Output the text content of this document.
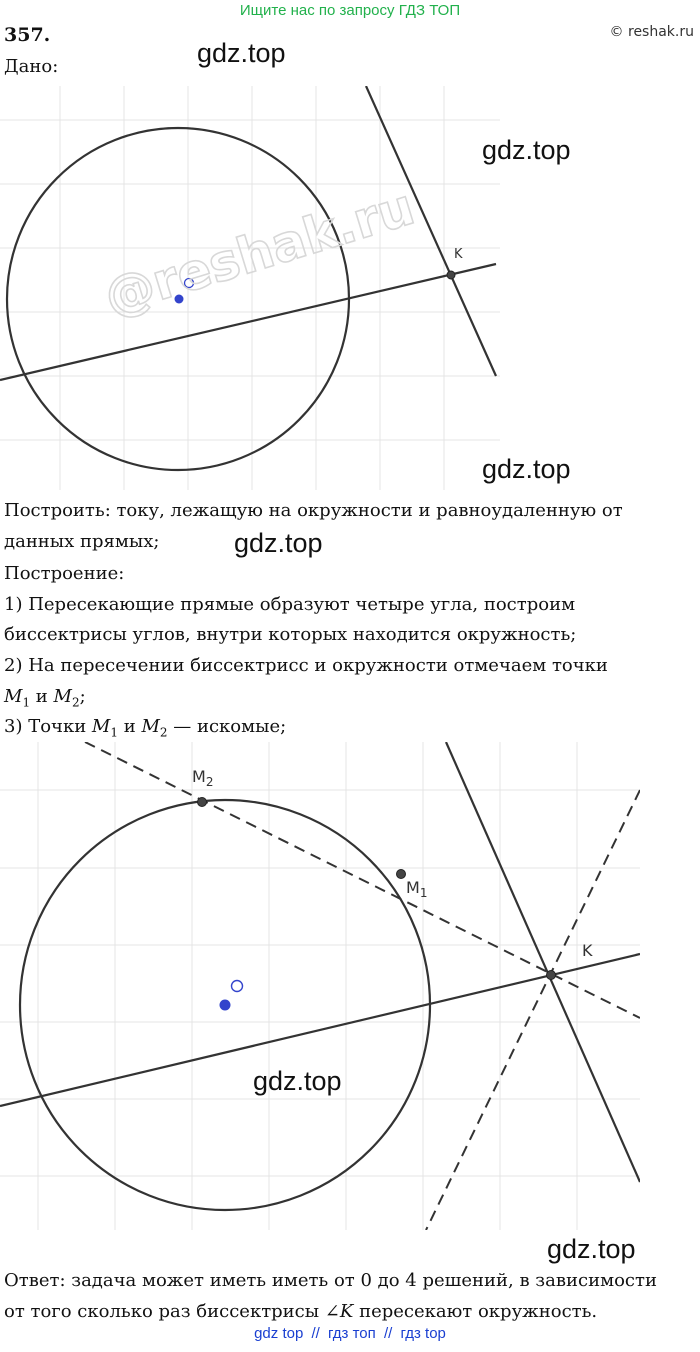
Ищите нас по запросу ГДЗ ТОП
357.	© reshak.ru
Дано:
K
@reshak.ru
gdz.top
gdz.top
gdz.top
Построить: току, лежащую на окружности и равноудаленную от
данных прямых;	gdz.top
Построение:
1) Пересекающие прямые образуют четыре угла, построим
биссектрисы углов, внутри которых находится окружность;
2) На пересечении биссектрисс и окружности отмечаем точки
$M_1$ и $M_2$;
3) Точки $M_1$ и $M_2$ — искомые;
$M_2$
$M_1$
K
gdz.top
gdz.top
Ответ: задача может иметь иметь от 0 до 4 решений, в зависимости
от того сколько раз биссектрисы ∠K пересекают окружность.
gdz top // гдз топ // гдз top
